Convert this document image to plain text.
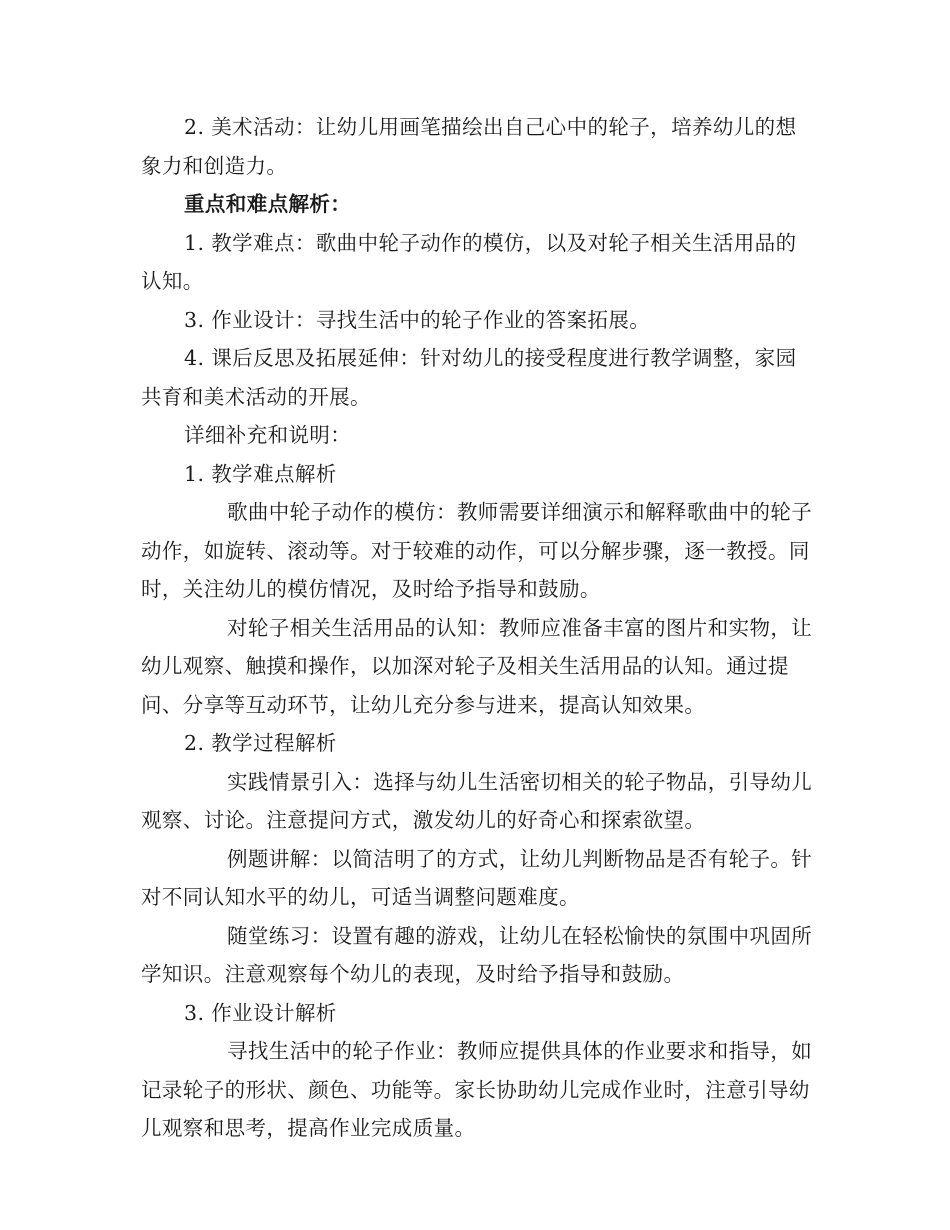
2. 美术活动：让幼儿用画笔描绘出自己心中的轮子，培养幼儿的想象力和创造力。

重点和难点解析：

1. 教学难点：歌曲中轮子动作的模仿，以及对轮子相关生活用品的认知。

3. 作业设计：寻找生活中的轮子作业的答案拓展。

4. 课后反思及拓展延伸：针对幼儿的接受程度进行教学调整，家园共育和美术活动的开展。

详细补充和说明：

1. 教学难点解析

歌曲中轮子动作的模仿：教师需要详细演示和解释歌曲中的轮子动作，如旋转、滚动等。对于较难的动作，可以分解步骤，逐一教授。同时，关注幼儿的模仿情况，及时给予指导和鼓励。

对轮子相关生活用品的认知：教师应准备丰富的图片和实物，让幼儿观察、触摸和操作，以加深对轮子及相关生活用品的认知。通过提问、分享等互动环节，让幼儿充分参与进来，提高认知效果。

2. 教学过程解析

实践情景引入：选择与幼儿生活密切相关的轮子物品，引导幼儿观察、讨论。注意提问方式，激发幼儿的好奇心和探索欲望。

例题讲解：以简洁明了的方式，让幼儿判断物品是否有轮子。针对不同认知水平的幼儿，可适当调整问题难度。

随堂练习：设置有趣的游戏，让幼儿在轻松愉快的氛围中巩固所学知识。注意观察每个幼儿的表现，及时给予指导和鼓励。

3. 作业设计解析

寻找生活中的轮子作业：教师应提供具体的作业要求和指导，如记录轮子的形状、颜色、功能等。家长协助幼儿完成作业时，注意引导幼儿观察和思考，提高作业完成质量。
